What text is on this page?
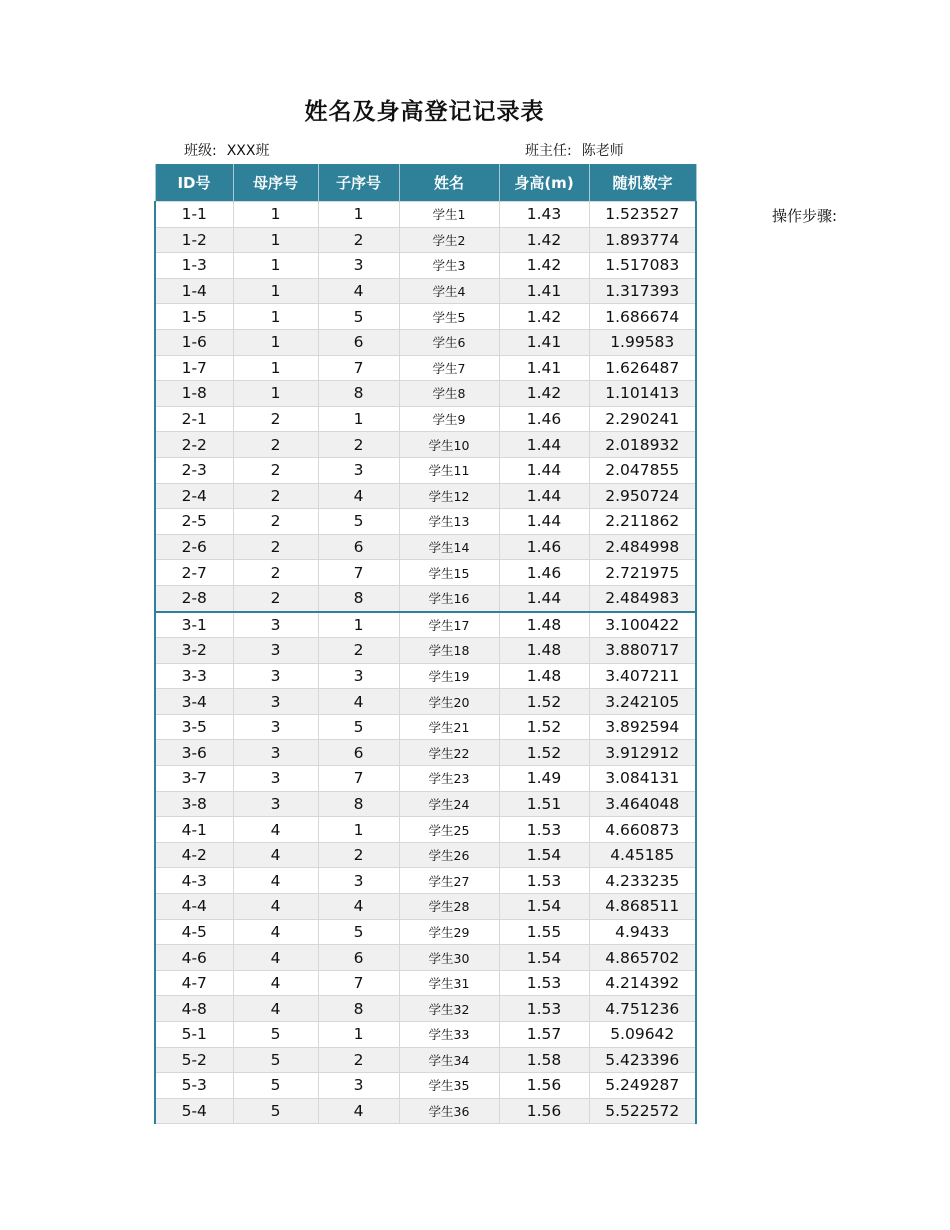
姓名及身高登记记录表
班级: XXX班	班主任: 陈老师
操作步骤:
ID号	母序号	子序号	姓名	身高(m)	随机数字
1-1	1	1	学生1	1.43	1.523527
1-2	1	2	学生2	1.42	1.893774
1-3	1	3	学生3	1.42	1.517083
1-4	1	4	学生4	1.41	1.317393
1-5	1	5	学生5	1.42	1.686674
1-6	1	6	学生6	1.41	1.99583
1-7	1	7	学生7	1.41	1.626487
1-8	1	8	学生8	1.42	1.101413
2-1	2	1	学生9	1.46	2.290241
2-2	2	2	学生10	1.44	2.018932
2-3	2	3	学生11	1.44	2.047855
2-4	2	4	学生12	1.44	2.950724
2-5	2	5	学生13	1.44	2.211862
2-6	2	6	学生14	1.46	2.484998
2-7	2	7	学生15	1.46	2.721975
2-8	2	8	学生16	1.44	2.484983
3-1	3	1	学生17	1.48	3.100422
3-2	3	2	学生18	1.48	3.880717
3-3	3	3	学生19	1.48	3.407211
3-4	3	4	学生20	1.52	3.242105
3-5	3	5	学生21	1.52	3.892594
3-6	3	6	学生22	1.52	3.912912
3-7	3	7	学生23	1.49	3.084131
3-8	3	8	学生24	1.51	3.464048
4-1	4	1	学生25	1.53	4.660873
4-2	4	2	学生26	1.54	4.45185
4-3	4	3	学生27	1.53	4.233235
4-4	4	4	学生28	1.54	4.868511
4-5	4	5	学生29	1.55	4.9433
4-6	4	6	学生30	1.54	4.865702
4-7	4	7	学生31	1.53	4.214392
4-8	4	8	学生32	1.53	4.751236
5-1	5	1	学生33	1.57	5.09642
5-2	5	2	学生34	1.58	5.423396
5-3	5	3	学生35	1.56	5.249287
5-4	5	4	学生36	1.56	5.522572
